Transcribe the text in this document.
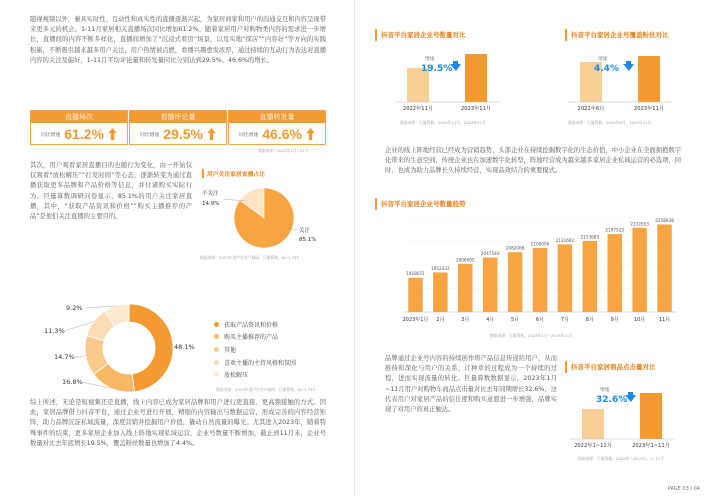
随视视频以外，兼具实时性、互动性和真实性的直播逐渐兴起，为家居商家和用户的沟通交互和内容呈现带来更多元的机会。1-11月家居相关直播场次同比增加61.2%。随着家居用户对购物类内容的需求进一步增长，直播间的内容不断多样化，直播间增加了“沉浸式看房”场景，以及实地“探店”“内容好”等方向的实践积累，不断吸引越来越多用户关注，用户热情被点燃，看播兴趣愈发浓厚，通过持续的互动行为表达对直播内容的关注及偏好，1-11月平均评论量和转发量同比分别达到29.5%、46.6%的增长。
直播场次
同比增速 61.2%
看播评论量
同比增速 29.5%
直播转发量
同比增速 46.6%
数据来源：2023年1月~11月
其次，用户观看家居直播目的也随行为变化，由一开始仅仅观看“放松解压”“打发时间”等心态，逐渐转变为通过直播获取更多品牌和产品价格等信息，并付诸购买实际行为。巨量算数调研问卷显示，85.1%的用户关注家居直播，其中，“获取产品资讯和价格”“购买主播推荐的产品”是他们关注直播的主要目的。
用户关注家居直播占比
关注
85.1%
不关注
14.9%
数据来源：2023年用户在用户调研，巨量算数，N=1,793
48.1%
16.8%
14.7%
11.3%
9.2%
获取产品资讯和价格
购买主播推荐的产品
其他
喜欢主播的主持风格和氛围
放松解压
数据来源：2023年用户在用户调研，巨量算数，N=1,793
综上所述，无论是短视频还是直播，线上内容已成为家居品牌和用户进行更直接、更高频接触的方式。因此，家居品牌借力抖音平台，通过企业号进行开展，精细的内容输出与数据运营，形成完善的内容经营矩阵，助力品牌沉淀私域流量，深度营销并挖掘用户价值，撬动自然流量的曝光。尤其进入2023年，随着特殊事件的结束，更多家居企业加入线上阵地实现私域运营，企业号数量不断增加，截止到11月末，企业号数量对比去年底增长19.5%，覆盖粉丝数量也增加了4.4%。
抖音平台家居企业号数量对比
2022年11月	2023年11月
增速
19.5%
数据来源：巨量算数，2022年11月，2023年11月
抖音平台家居企业号覆盖粉丝对比
2022年6月	2023年11月
增速
4.4%
数据来源：巨量算数，2022年6月，2023年11月
企业的线上阵地经营已经成为营销趋势，头部企业在持续挖掘数字化的生态价值，中小企业在全面拥抱数字化带来的生意空间，传统企业也在加速数字化转型，阵地经营成为越来越多家居企业私域运营的必选项，同时，也成为助力品牌长久持续经营，实现品效结合的重要模式。
抖音平台家居企业号数量趋势
1918651
2023年1月
1952432
2月
2006605
3月
2047540
4月
2082066
5月
2109006
6月
2131692
7月
2153685
8月
2197523
9月
2237653
10月
2258838
11月
数据来源：巨量算数，2023年1月~2023年11月
品牌通过企业号内容的持续创作将产品信息传递给用户，从而推持和深化与用户的关系，让种草的过程成为一个持续的过程，进而实现流量的转化。巨量算数数据显示，2023年1月~11月用户对购物车商品点击量对比去年同期增长32.6%，这代表用户对家居产品的信任度和购买意愿进一步增强，品牌实现了对用户的真正触达。
抖音平台家居商品点击量对比
2022年1~11月	2023年1~11月
增速
32.6%
数据来源：巨量算数，2022年~2023年，1~11月
PAGE 03 / 04
